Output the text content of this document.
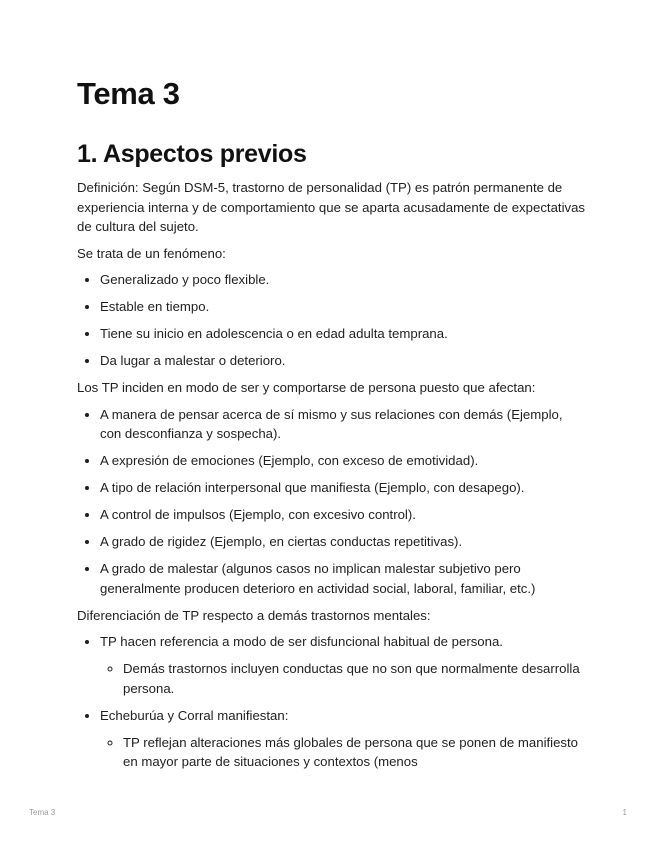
Tema 3
1. Aspectos previos

Definición: Según DSM-5, trastorno de personalidad (TP) es patrón permanente de experiencia interna y de comportamiento que se aparta acusadamente de expectativas de cultura del sujeto.

Se trata de un fenómeno:

• Generalizado y poco flexible.
• Estable en tiempo.
• Tiene su inicio en adolescencia o en edad adulta temprana.
• Da lugar a malestar o deterioro.

Los TP inciden en modo de ser y comportarse de persona puesto que afectan:

• A manera de pensar acerca de sí mismo y sus relaciones con demás (Ejemplo, con desconfianza y sospecha).
• A expresión de emociones (Ejemplo, con exceso de emotividad).
• A tipo de relación interpersonal que manifiesta (Ejemplo, con desapego).
• A control de impulsos (Ejemplo, con excesivo control).
• A grado de rigidez (Ejemplo, en ciertas conductas repetitivas).
• A grado de malestar (algunos casos no implican malestar subjetivo pero generalmente producen deterioro en actividad social, laboral, familiar, etc.)

Diferenciación de TP respecto a demás trastornos mentales:

• TP hacen referencia a modo de ser disfuncional habitual de persona.
◦ Demás trastornos incluyen conductas que no son que normalmente desarrolla persona.
• Echeburúa y Corral manifiestan:
◦ TP reflejan alteraciones más globales de persona que se ponen de manifiesto en mayor parte de situaciones y contextos (menos
Tema 3	1
